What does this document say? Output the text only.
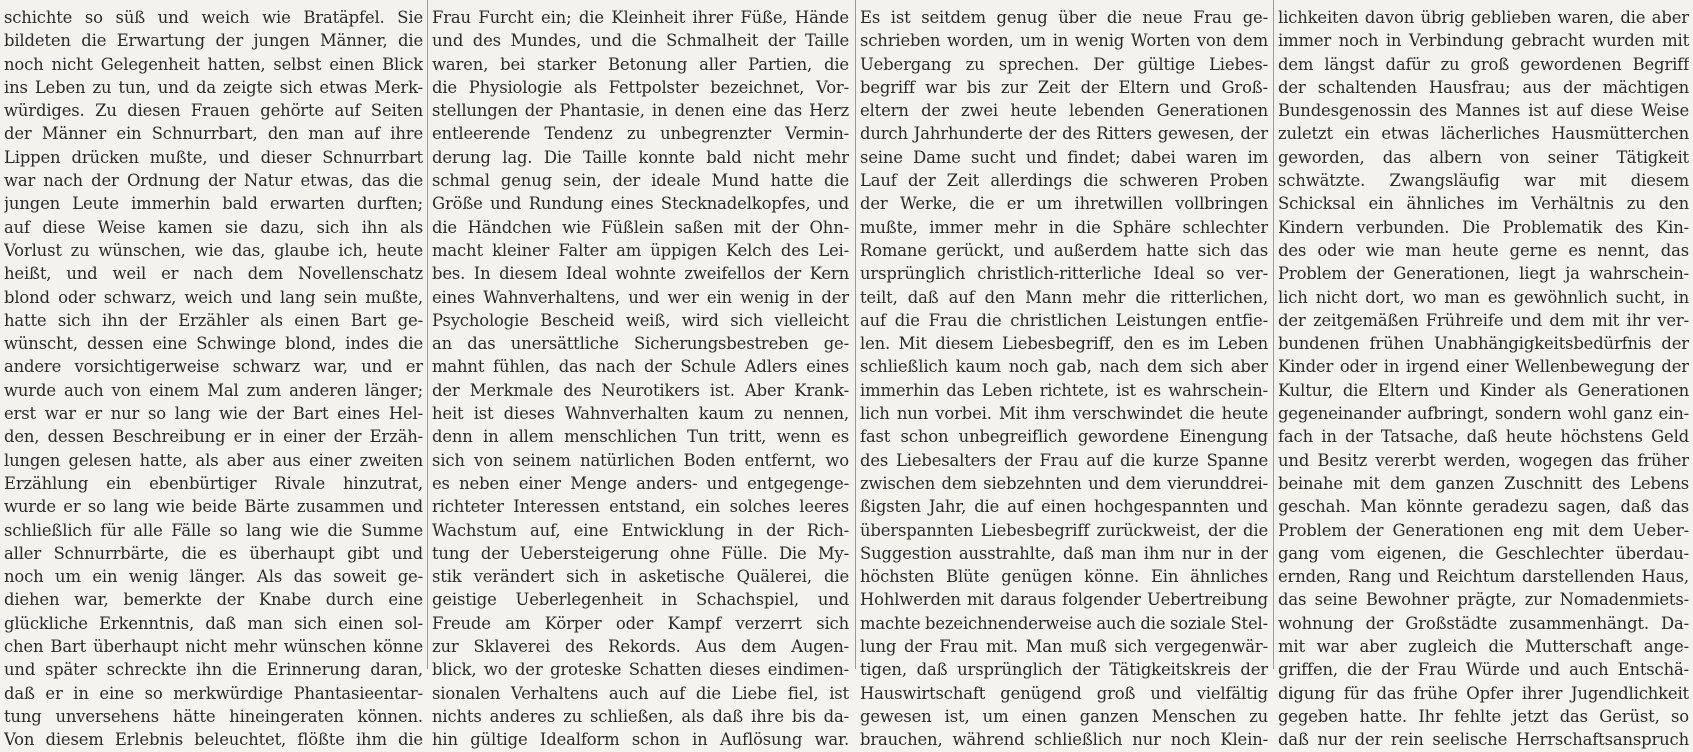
schichte so süß und weich wie Bratäpfel. Sie
bildeten die Erwartung der jungen Männer, die
noch nicht Gelegenheit hatten, selbst einen Blick
ins Leben zu tun, und da zeigte sich etwas Merk-
würdiges. Zu diesen Frauen gehörte auf Seiten
der Männer ein Schnurrbart, den man auf ihre
Lippen drücken mußte, und dieser Schnurrbart
war nach der Ordnung der Natur etwas, das die
jungen Leute immerhin bald erwarten durften;
auf diese Weise kamen sie dazu, sich ihn als
Vorlust zu wünschen, wie das, glaube ich, heute
heißt, und weil er nach dem Novellenschatz
blond oder schwarz, weich und lang sein mußte,
hatte sich ihn der Erzähler als einen Bart ge-
wünscht, dessen eine Schwinge blond, indes die
andere vorsichtigerweise schwarz war, und er
wurde auch von einem Mal zum anderen länger;
erst war er nur so lang wie der Bart eines Hel-
den, dessen Beschreibung er in einer der Erzäh-
lungen gelesen hatte, als aber aus einer zweiten
Erzählung ein ebenbürtiger Rivale hinzutrat,
wurde er so lang wie beide Bärte zusammen und
schließlich für alle Fälle so lang wie die Summe
aller Schnurrbärte, die es überhaupt gibt und
noch um ein wenig länger. Als das soweit ge-
diehen war, bemerkte der Knabe durch eine
glückliche Erkenntnis, daß man sich einen sol-
chen Bart überhaupt nicht mehr wünschen könne
und später schreckte ihn die Erinnerung daran,
daß er in eine so merkwürdige Phantasieentar-
tung unversehens hätte hineingeraten können.
Von diesem Erlebnis beleuchtet, flößte ihm die
Frau Furcht ein; die Kleinheit ihrer Füße, Hände
und des Mundes, und die Schmalheit der Taille
waren, bei starker Betonung aller Partien, die
die Physiologie als Fettpolster bezeichnet, Vor-
stellungen der Phantasie, in denen eine das Herz
entleerende Tendenz zu unbegrenzter Vermin-
derung lag. Die Taille konnte bald nicht mehr
schmal genug sein, der ideale Mund hatte die
Größe und Rundung eines Stecknadelkopfes, und
die Händchen wie Füßlein saßen mit der Ohn-
macht kleiner Falter am üppigen Kelch des Lei-
bes. In diesem Ideal wohnte zweifellos der Kern
eines Wahnverhaltens, und wer ein wenig in der
Psychologie Bescheid weiß, wird sich vielleicht
an das unersättliche Sicherungsbestreben ge-
mahnt fühlen, das nach der Schule Adlers eines
der Merkmale des Neurotikers ist. Aber Krank-
heit ist dieses Wahnverhalten kaum zu nennen,
denn in allem menschlichen Tun tritt, wenn es
sich von seinem natürlichen Boden entfernt, wo
es neben einer Menge anders- und entgegenge-
richteter Interessen entstand, ein solches leeres
Wachstum auf, eine Entwicklung in der Rich-
tung der Uebersteigerung ohne Fülle. Die My-
stik verändert sich in asketische Quälerei, die
geistige Ueberlegenheit in Schachspiel, und
Freude am Körper oder Kampf verzerrt sich
zur Sklaverei des Rekords. Aus dem Augen-
blick, wo der groteske Schatten dieses eindimen-
sionalen Verhaltens auch auf die Liebe fiel, ist
nichts anderes zu schließen, als daß ihre bis da-
hin gültige Idealform schon in Auflösung war.
Es ist seitdem genug über die neue Frau ge-
schrieben worden, um in wenig Worten von dem
Uebergang zu sprechen. Der gültige Liebes-
begriff war bis zur Zeit der Eltern und Groß-
eltern der zwei heute lebenden Generationen
durch Jahrhunderte der des Ritters gewesen, der
seine Dame sucht und findet; dabei waren im
Lauf der Zeit allerdings die schweren Proben
der Werke, die er um ihretwillen vollbringen
mußte, immer mehr in die Sphäre schlechter
Romane gerückt, und außerdem hatte sich das
ursprünglich christlich-ritterliche Ideal so ver-
teilt, daß auf den Mann mehr die ritterlichen,
auf die Frau die christlichen Leistungen entfie-
len. Mit diesem Liebesbegriff, den es im Leben
schließlich kaum noch gab, nach dem sich aber
immerhin das Leben richtete, ist es wahrschein-
lich nun vorbei. Mit ihm verschwindet die heute
fast schon unbegreiflich gewordene Einengung
des Liebesalters der Frau auf die kurze Spanne
zwischen dem siebzehnten und dem vierunddrei-
ßigsten Jahr, die auf einen hochgespannten und
überspannten Liebesbegriff zurückweist, der die
Suggestion ausstrahlte, daß man ihm nur in der
höchsten Blüte genügen könne. Ein ähnliches
Hohlwerden mit daraus folgender Uebertreibung
machte bezeichnenderweise auch die soziale Stel-
lung der Frau mit. Man muß sich vergegenwär-
tigen, daß ursprünglich der Tätigkeitskreis der
Hauswirtschaft genügend groß und vielfältig
gewesen ist, um einen ganzen Menschen zu
brauchen, während schließlich nur noch Klein-
lichkeiten davon übrig geblieben waren, die aber
immer noch in Verbindung gebracht wurden mit
dem längst dafür zu groß gewordenen Begriff
der schaltenden Hausfrau; aus der mächtigen
Bundesgenossin des Mannes ist auf diese Weise
zuletzt ein etwas lächerliches Hausmütterchen
geworden, das albern von seiner Tätigkeit
schwätzte. Zwangsläufig war mit diesem
Schicksal ein ähnliches im Verhältnis zu den
Kindern verbunden. Die Problematik des Kin-
des oder wie man heute gerne es nennt, das
Problem der Generationen, liegt ja wahrschein-
lich nicht dort, wo man es gewöhnlich sucht, in
der zeitgemäßen Frühreife und dem mit ihr ver-
bundenen frühen Unabhängigkeitsbedürfnis der
Kinder oder in irgend einer Wellenbewegung der
Kultur, die Eltern und Kinder als Generationen
gegeneinander aufbringt, sondern wohl ganz ein-
fach in der Tatsache, daß heute höchstens Geld
und Besitz vererbt werden, wogegen das früher
beinahe mit dem ganzen Zuschnitt des Lebens
geschah. Man könnte geradezu sagen, daß das
Problem der Generationen eng mit dem Ueber-
gang vom eigenen, die Geschlechter überdau-
ernden, Rang und Reichtum darstellenden Haus,
das seine Bewohner prägte, zur Nomadenmiets-
wohnung der Großstädte zusammenhängt. Da-
mit war aber zugleich die Mutterschaft ange-
griffen, die der Frau Würde und auch Entschä-
digung für das frühe Opfer ihrer Jugendlichkeit
gegeben hatte. Ihr fehlte jetzt das Gerüst, so
daß nur der rein seelische Herrschaftsanspruch
